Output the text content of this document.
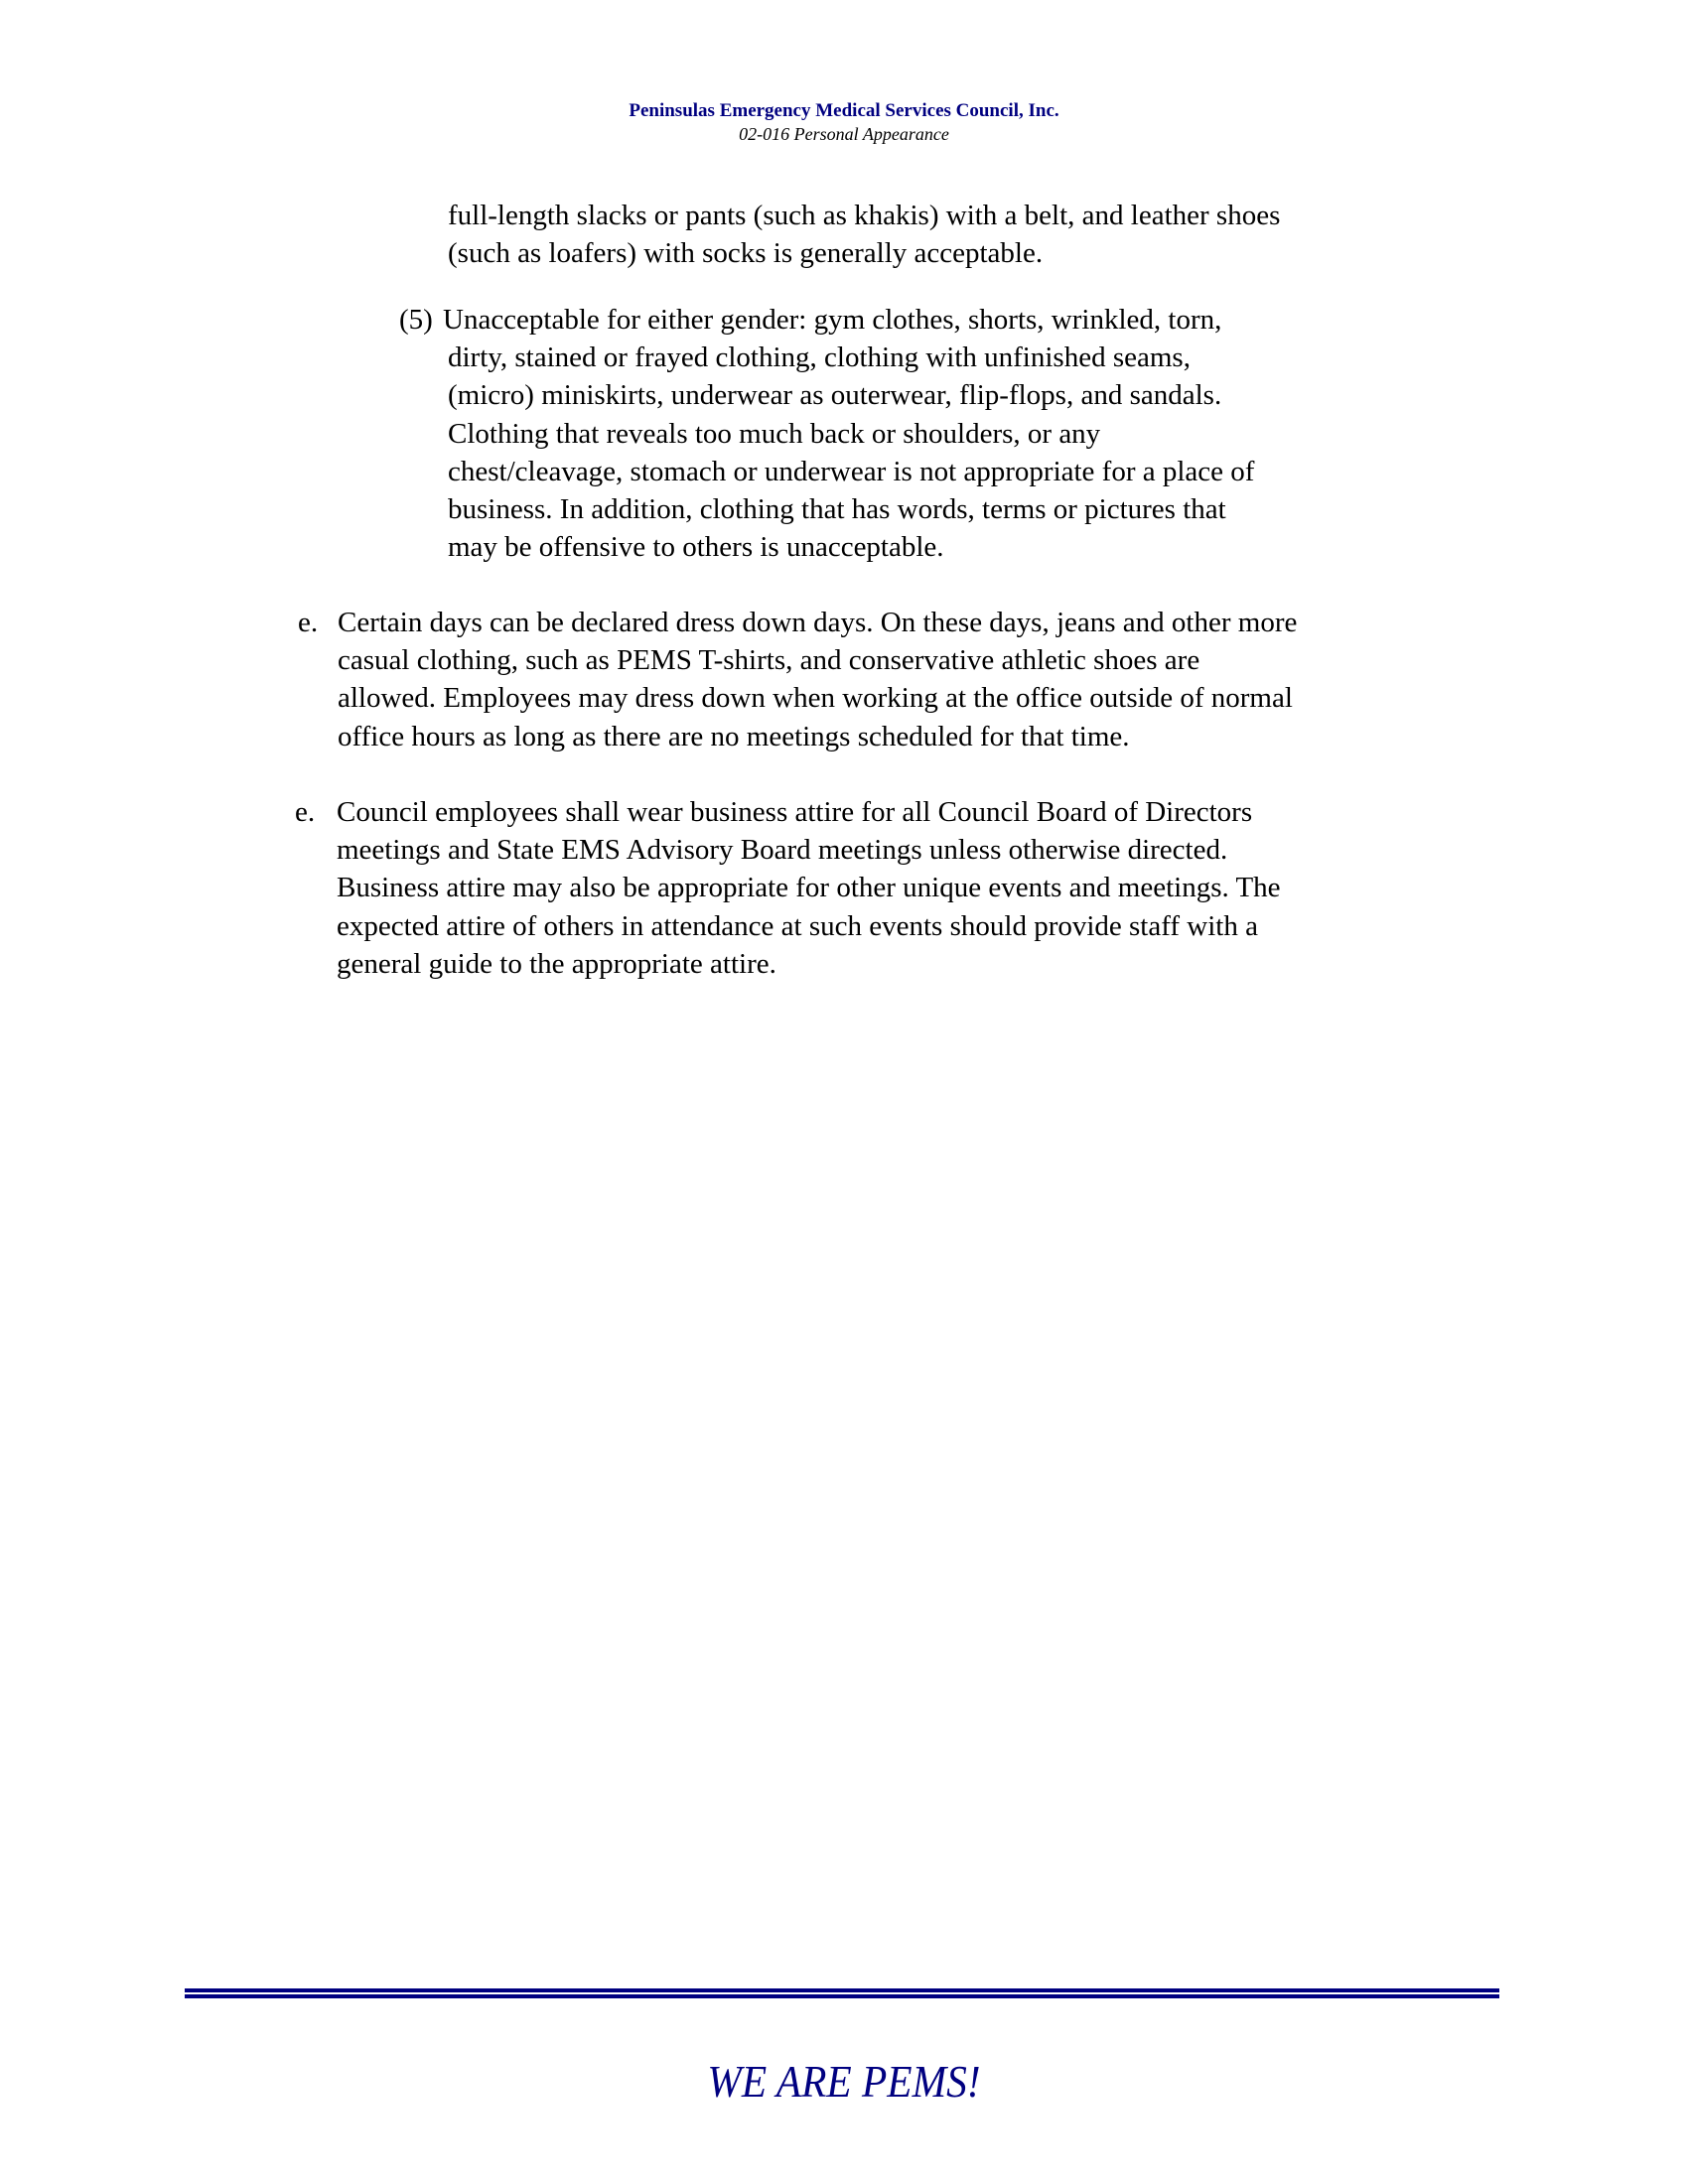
Peninsulas Emergency Medical Services Council, Inc.
02-016 Personal Appearance
full-length slacks or pants (such as khakis) with a belt, and leather shoes
(such as loafers) with socks is generally acceptable.
(5) Unacceptable for either gender: gym clothes, shorts, wrinkled, torn,
dirty, stained or frayed clothing, clothing with unfinished seams,
(micro) miniskirts, underwear as outerwear, flip-flops, and sandals.
Clothing that reveals too much back or shoulders, or any
chest/cleavage, stomach or underwear is not appropriate for a place of
business. In addition, clothing that has words, terms or pictures that
may be offensive to others is unacceptable.
e. Certain days can be declared dress down days. On these days, jeans and other more
casual clothing, such as PEMS T-shirts, and conservative athletic shoes are
allowed. Employees may dress down when working at the office outside of normal
office hours as long as there are no meetings scheduled for that time.
e. Council employees shall wear business attire for all Council Board of Directors
meetings and State EMS Advisory Board meetings unless otherwise directed.
Business attire may also be appropriate for other unique events and meetings. The
expected attire of others in attendance at such events should provide staff with a
general guide to the appropriate attire.
WE ARE PEMS!
